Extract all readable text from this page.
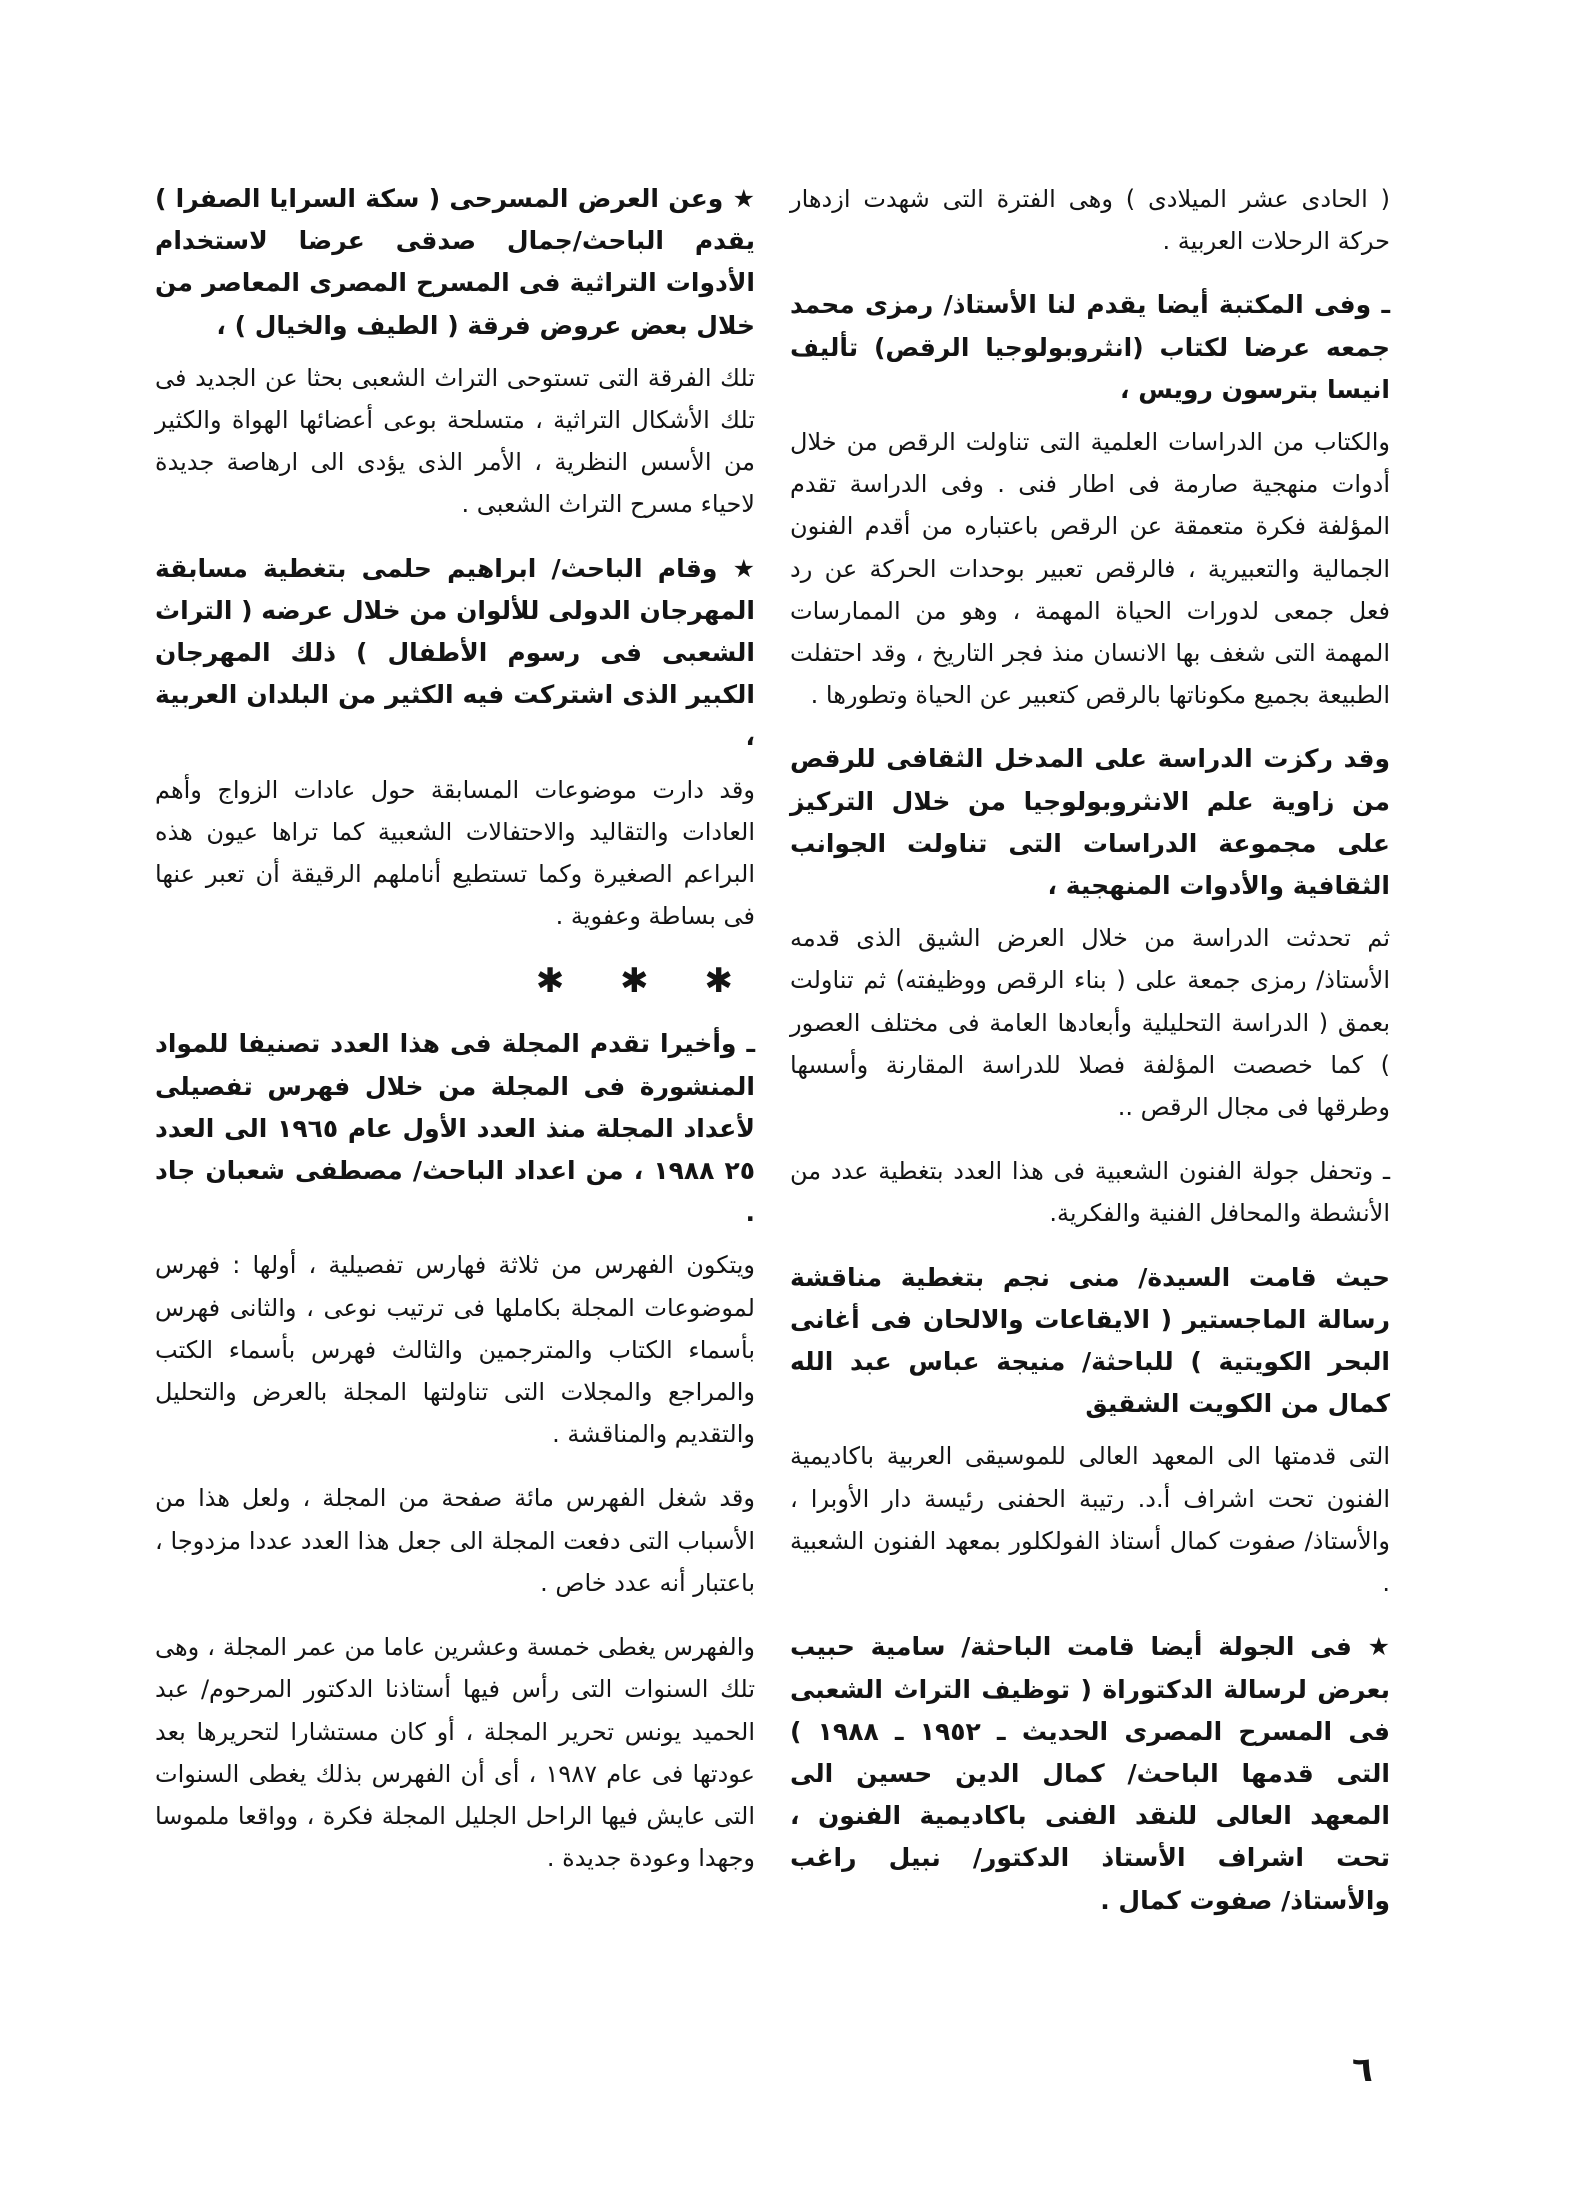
( الحادى عشر الميلادى ) وهى الفترة التى شهدت ازدهار حركة الرحلات العربية .
ـ وفى المكتبة أيضا يقدم لنا الأستاذ/ رمزى محمد جمعه عرضا لكتاب (انثروبولوجيا الرقص) تأليف انيسا بترسون رويس ،
والكتاب من الدراسات العلمية التى تناولت الرقص من خلال أدوات منهجية صارمة فى اطار فنى . وفى الدراسة تقدم المؤلفة فكرة متعمقة عن الرقص باعتباره من أقدم الفنون الجمالية والتعبيرية ، فالرقص تعبير بوحدات الحركة عن رد فعل جمعى لدورات الحياة المهمة ، وهو من الممارسات المهمة التى شغف بها الانسان منذ فجر التاريخ ، وقد احتفلت الطبيعة بجميع مكوناتها بالرقص كتعبير عن الحياة وتطورها .
وقد ركزت الدراسة على المدخل الثقافى للرقص من زاوية علم الانثروبولوجيا من خلال التركيز على مجموعة الدراسات التى تناولت الجوانب الثقافية والأدوات المنهجية ،
ثم تحدثت الدراسة من خلال العرض الشيق الذى قدمه الأستاذ/ رمزى جمعة على ( بناء الرقص ووظيفته) ثم تناولت بعمق ( الدراسة التحليلية وأبعادها العامة فى مختلف العصور ) كما خصصت المؤلفة فصلا للدراسة المقارنة وأسسها وطرقها فى مجال الرقص ..
ـ وتحفل جولة الفنون الشعبية فى هذا العدد بتغطية عدد من الأنشطة والمحافل الفنية والفكرية.
حيث قامت السيدة/ منى نجم بتغطية مناقشة رسالة الماجستير ( الايقاعات والالحان فى أغانى البحر الكويتية ) للباحثة/ منيجة عباس عبد الله كمال من الكويت الشقيق
التى قدمتها الى المعهد العالى للموسيقى العربية باكاديمية الفنون تحت اشراف أ.د. رتيبة الحفنى رئيسة دار الأوبرا ، والأستاذ/ صفوت كمال أستاذ الفولكلور بمعهد الفنون الشعبية .
★ فى الجولة أيضا قامت الباحثة/ سامية حبيب بعرض لرسالة الدكتوراة ( توظيف التراث الشعبى فى المسرح المصرى الحديث ـ ١٩٥٢ ـ ١٩٨٨ ) التى قدمها الباحث/ كمال الدين حسين الى المعهد العالى للنقد الفنى باكاديمية الفنون ، تحت اشراف الأستاذ الدكتور/ نبيل راغب والأستاذ/ صفوت كمال .
★ وعن العرض المسرحى ( سكة السرايا الصفرا ) يقدم الباحث/جمال صدقى عرضا لاستخدام الأدوات التراثية فى المسرح المصرى المعاصر من خلال بعض عروض فرقة ( الطيف والخيال ) ،
تلك الفرقة التى تستوحى التراث الشعبى بحثا عن الجديد فى تلك الأشكال التراثية ، متسلحة بوعى أعضائها الهواة والكثير من الأسس النظرية ، الأمر الذى يؤدى الى ارهاصة جديدة لاحياء مسرح التراث الشعبى .
★ وقام الباحث/ ابراهيم حلمى بتغطية مسابقة المهرجان الدولى للألوان من خلال عرضه ( التراث الشعبى فى رسوم الأطفال ) ذلك المهرجان الكبير الذى اشتركت فيه الكثير من البلدان العربية ،
وقد دارت موضوعات المسابقة حول عادات الزواج وأهم العادات والتقاليد والاحتفالات الشعبية كما تراها عيون هذه البراعم الصغيرة وكما تستطيع أناملهم الرقيقة أن تعبر عنها فى بساطة وعفوية .
✱ ✱ ✱
ـ وأخيرا تقدم المجلة فى هذا العدد تصنيفا للمواد المنشورة فى المجلة من خلال فهرس تفصيلى لأعداد المجلة منذ العدد الأول عام ١٩٦٥ الى العدد ٢٥ ١٩٨٨ ، من اعداد الباحث/ مصطفى شعبان جاد .
ويتكون الفهرس من ثلاثة فهارس تفصيلية ، أولها : فهرس لموضوعات المجلة بكاملها فى ترتيب نوعى ، والثانى فهرس بأسماء الكتاب والمترجمين والثالث فهرس بأسماء الكتب والمراجع والمجلات التى تناولتها المجلة بالعرض والتحليل والتقديم والمناقشة .
وقد شغل الفهرس مائة صفحة من المجلة ، ولعل هذا من الأسباب التى دفعت المجلة الى جعل هذا العدد عددا مزدوجا ، باعتبار أنه عدد خاص .
والفهرس يغطى خمسة وعشرين عاما من عمر المجلة ، وهى تلك السنوات التى رأس فيها أستاذنا الدكتور المرحوم/ عبد الحميد يونس تحرير المجلة ، أو كان مستشارا لتحريرها بعد عودتها فى عام ١٩٨٧ ، أى أن الفهرس بذلك يغطى السنوات التى عايش فيها الراحل الجليل المجلة فكرة ، وواقعا ملموسا وجهدا وعودة جديدة .
٦
